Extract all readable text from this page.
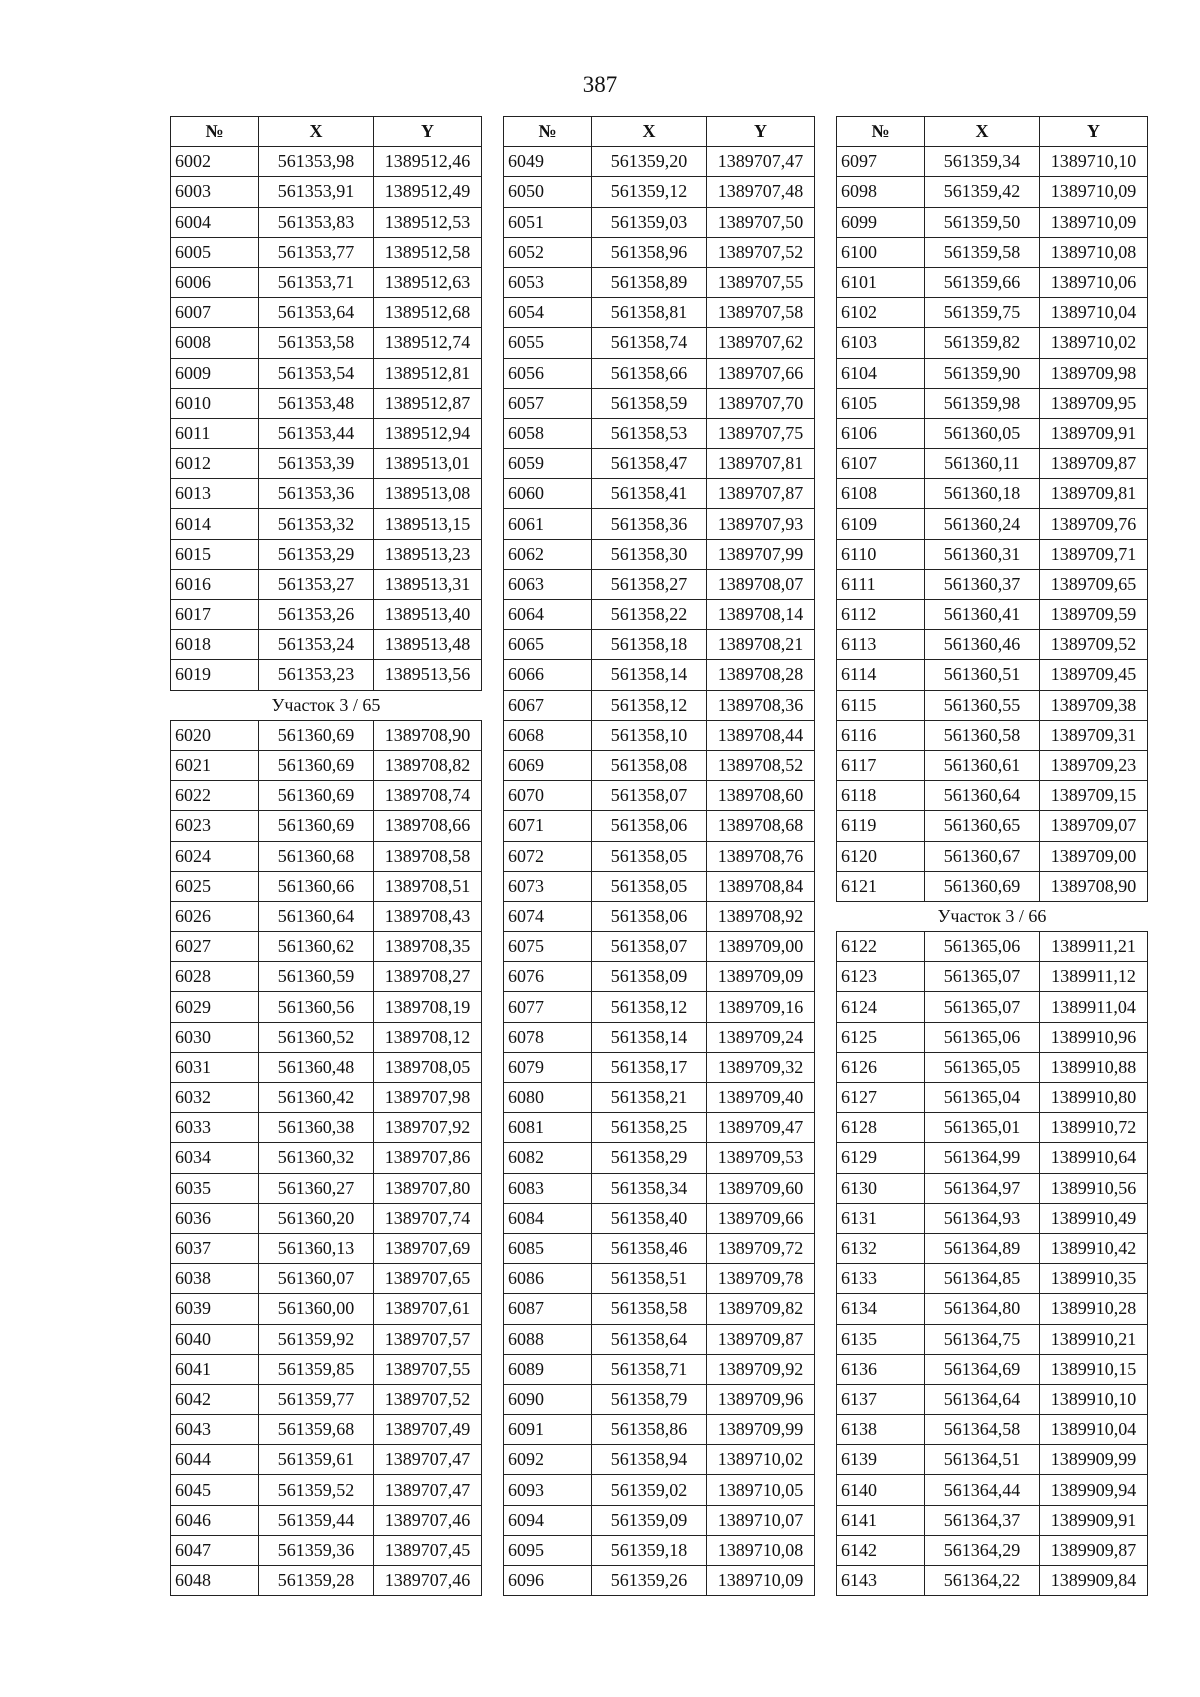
387
№	X	Y
6002	561353,98	1389512,46
6003	561353,91	1389512,49
6004	561353,83	1389512,53
6005	561353,77	1389512,58
6006	561353,71	1389512,63
6007	561353,64	1389512,68
6008	561353,58	1389512,74
6009	561353,54	1389512,81
6010	561353,48	1389512,87
6011	561353,44	1389512,94
6012	561353,39	1389513,01
6013	561353,36	1389513,08
6014	561353,32	1389513,15
6015	561353,29	1389513,23
6016	561353,27	1389513,31
6017	561353,26	1389513,40
6018	561353,24	1389513,48
6019	561353,23	1389513,56
Участок 3 / 65		
6020	561360,69	1389708,90
6021	561360,69	1389708,82
6022	561360,69	1389708,74
6023	561360,69	1389708,66
6024	561360,68	1389708,58
6025	561360,66	1389708,51
6026	561360,64	1389708,43
6027	561360,62	1389708,35
6028	561360,59	1389708,27
6029	561360,56	1389708,19
6030	561360,52	1389708,12
6031	561360,48	1389708,05
6032	561360,42	1389707,98
6033	561360,38	1389707,92
6034	561360,32	1389707,86
6035	561360,27	1389707,80
6036	561360,20	1389707,74
6037	561360,13	1389707,69
6038	561360,07	1389707,65
6039	561360,00	1389707,61
6040	561359,92	1389707,57
6041	561359,85	1389707,55
6042	561359,77	1389707,52
6043	561359,68	1389707,49
6044	561359,61	1389707,47
6045	561359,52	1389707,47
6046	561359,44	1389707,46
6047	561359,36	1389707,45
6048	561359,28	1389707,46
№	X	Y
6049	561359,20	1389707,47
6050	561359,12	1389707,48
6051	561359,03	1389707,50
6052	561358,96	1389707,52
6053	561358,89	1389707,55
6054	561358,81	1389707,58
6055	561358,74	1389707,62
6056	561358,66	1389707,66
6057	561358,59	1389707,70
6058	561358,53	1389707,75
6059	561358,47	1389707,81
6060	561358,41	1389707,87
6061	561358,36	1389707,93
6062	561358,30	1389707,99
6063	561358,27	1389708,07
6064	561358,22	1389708,14
6065	561358,18	1389708,21
6066	561358,14	1389708,28
6067	561358,12	1389708,36
6068	561358,10	1389708,44
6069	561358,08	1389708,52
6070	561358,07	1389708,60
6071	561358,06	1389708,68
6072	561358,05	1389708,76
6073	561358,05	1389708,84
6074	561358,06	1389708,92
6075	561358,07	1389709,00
6076	561358,09	1389709,09
6077	561358,12	1389709,16
6078	561358,14	1389709,24
6079	561358,17	1389709,32
6080	561358,21	1389709,40
6081	561358,25	1389709,47
6082	561358,29	1389709,53
6083	561358,34	1389709,60
6084	561358,40	1389709,66
6085	561358,46	1389709,72
6086	561358,51	1389709,78
6087	561358,58	1389709,82
6088	561358,64	1389709,87
6089	561358,71	1389709,92
6090	561358,79	1389709,96
6091	561358,86	1389709,99
6092	561358,94	1389710,02
6093	561359,02	1389710,05
6094	561359,09	1389710,07
6095	561359,18	1389710,08
6096	561359,26	1389710,09
№	X	Y
6097	561359,34	1389710,10
6098	561359,42	1389710,09
6099	561359,50	1389710,09
6100	561359,58	1389710,08
6101	561359,66	1389710,06
6102	561359,75	1389710,04
6103	561359,82	1389710,02
6104	561359,90	1389709,98
6105	561359,98	1389709,95
6106	561360,05	1389709,91
6107	561360,11	1389709,87
6108	561360,18	1389709,81
6109	561360,24	1389709,76
6110	561360,31	1389709,71
6111	561360,37	1389709,65
6112	561360,41	1389709,59
6113	561360,46	1389709,52
6114	561360,51	1389709,45
6115	561360,55	1389709,38
6116	561360,58	1389709,31
6117	561360,61	1389709,23
6118	561360,64	1389709,15
6119	561360,65	1389709,07
6120	561360,67	1389709,00
6121	561360,69	1389708,90
Участок 3 / 66		
6122	561365,06	1389911,21
6123	561365,07	1389911,12
6124	561365,07	1389911,04
6125	561365,06	1389910,96
6126	561365,05	1389910,88
6127	561365,04	1389910,80
6128	561365,01	1389910,72
6129	561364,99	1389910,64
6130	561364,97	1389910,56
6131	561364,93	1389910,49
6132	561364,89	1389910,42
6133	561364,85	1389910,35
6134	561364,80	1389910,28
6135	561364,75	1389910,21
6136	561364,69	1389910,15
6137	561364,64	1389910,10
6138	561364,58	1389910,04
6139	561364,51	1389909,99
6140	561364,44	1389909,94
6141	561364,37	1389909,91
6142	561364,29	1389909,87
6143	561364,22	1389909,84
